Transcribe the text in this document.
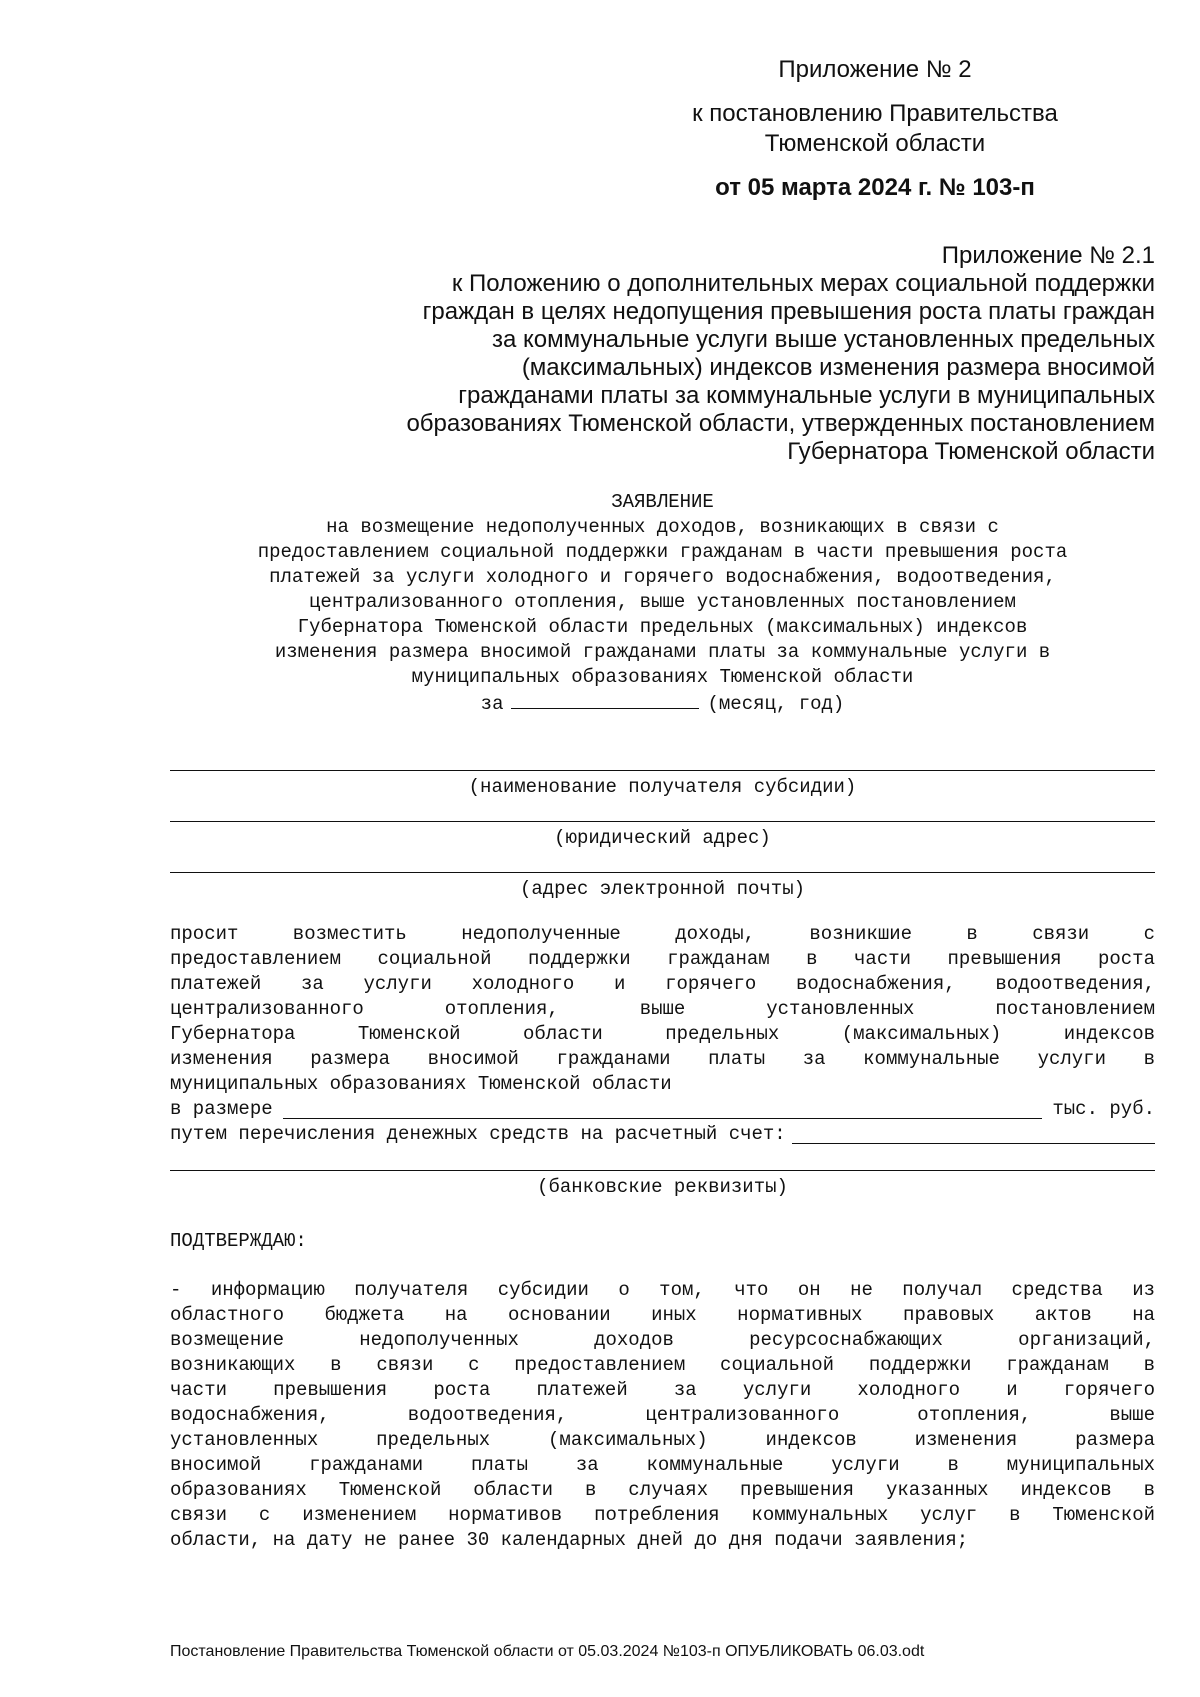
Приложение № 2
к постановлению Правительства
Тюменской области
от 05 марта 2024 г. № 103-п
Приложение № 2.1
к Положению о дополнительных мерах социальной поддержки
граждан в целях недопущения превышения роста платы граждан
за коммунальные услуги выше установленных предельных
(максимальных) индексов изменения размера вносимой
гражданами платы за коммунальные услуги в муниципальных
образованиях Тюменской области, утвержденных постановлением
Губернатора Тюменской области
ЗАЯВЛЕНИЕ
на возмещение недополученных доходов, возникающих в связи с
предоставлением социальной поддержки гражданам в части превышения роста
платежей за услуги холодного и горячего водоснабжения, водоотведения,
централизованного отопления, выше установленных постановлением
Губернатора Тюменской области предельных (максимальных) индексов
изменения размера вносимой гражданами платы за коммунальные услуги в
муниципальных образованиях Тюменской области
за	(месяц, год)
(наименование получателя субсидии)
(юридический адрес)
(адрес электронной почты)
просит возместить недополученные доходы, возникшие в связи с
предоставлением социальной поддержки гражданам в части превышения роста
платежей за услуги холодного и горячего водоснабжения, водоотведения,
централизованного отопления, выше установленных постановлением
Губернатора Тюменской области предельных (максимальных) индексов
изменения размера вносимой гражданами платы за коммунальные услуги в
муниципальных образованиях Тюменской области
в размере	тыс. руб.
путем перечисления денежных средств на расчетный счет:
(банковские реквизиты)
ПОДТВЕРЖДАЮ:
- информацию получателя субсидии о том, что он не получал средства из
областного бюджета на основании иных нормативных правовых актов на
возмещение недополученных доходов ресурсоснабжающих организаций,
возникающих в связи с предоставлением социальной поддержки гражданам в
части превышения роста платежей за услуги холодного и горячего
водоснабжения, водоотведения, централизованного отопления, выше
установленных предельных (максимальных) индексов изменения размера
вносимой гражданами платы за коммунальные услуги в муниципальных
образованиях Тюменской области в случаях превышения указанных индексов в
связи с изменением нормативов потребления коммунальных услуг в Тюменской
области, на дату не ранее 30 календарных дней до дня подачи заявления;
Постановление Правительства Тюменской области от 05.03.2024 №103-п ОПУБЛИКОВАТЬ 06.03.odt
